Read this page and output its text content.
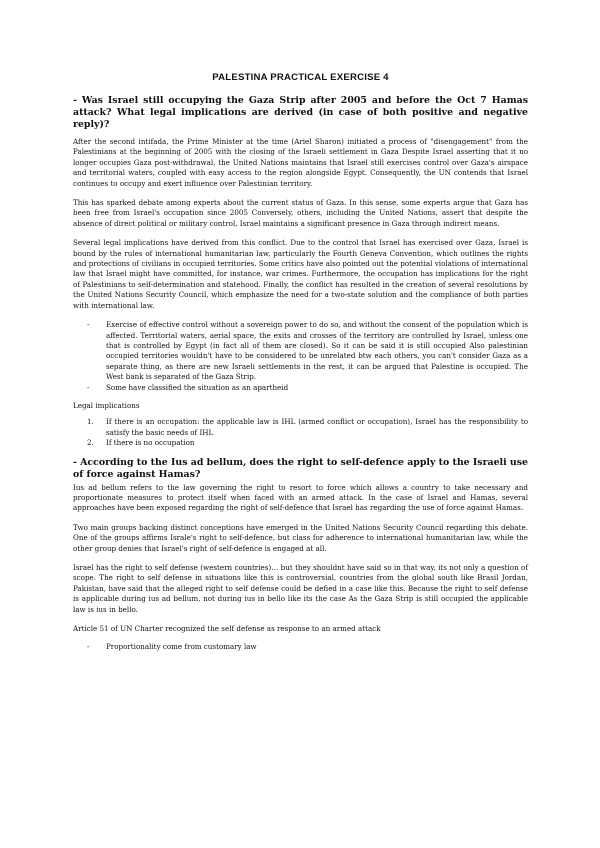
PALESTINA PRACTICAL EXERCISE 4
- Was Israel still occupying the Gaza Strip after 2005 and before the Oct 7 Hamas attack? What legal implications are derived (in case of both positive and negative reply)?

After the second intifada, the Prime Minister at the time (Ariel Sharon) initiated a process of "disengagement" from the Palestinians at the beginning of 2005 with the closing of the Israeli settlement in Gaza Despite Israel asserting that it no longer occupies Gaza post-withdrawal, the United Nations maintains that Israel still exercises control over Gaza's airspace and territorial waters, coupled with easy access to the region alongside Egypt. Consequently, the UN contends that Israel continues to occupy and exert influence over Palestinian territory.

This has sparked debate among experts about the current status of Gaza. In this sense, some experts argue that Gaza has been free from Israel's occupation since 2005 Conversely, others, including the United Nations, assert that despite the absence of direct political or military control, Israel maintains a significant presence in Gaza through indirect means.

Several legal implications have derived from this conflict. Due to the control that Israel has exercised over Gaza, Israel is bound by the rules of international humanitarian law, particularly the Fourth Geneva Convention, which outlines the rights and protections of civilians in occupied territories. Some critics have also pointed out the potential violations of international law that Israel might have committed, for instance, war crimes. Furthermore, the occupation has implications for the right of Palestinians to self-determination and statehood. Finally, the conflict has resulted in the creation of several resolutions by the United Nations Security Council, which emphasize the need for a two-state solution and the compliance of both parties with international law.

-	Exercise of effective control without a sovereign power to do so, and without the consent of the population which is affected. Territorial waters, aerial space, the exits and crosses of the territory are controlled by Israel, unless one that is controlled by Egypt (in fact all of them are closed). So it can be said it is still occupied Also palestinian occupied territories wouldn't have to be considered to be unrelated btw each others, you can't consider Gaza as a separate thing, as there are new Israeli settlements in the rest, it can be argued that Palestine is occupied. The West bank is separated of the Gaza Strip.
-	Some have classified the situation as an apartheid
Legal implications
1.	If there is an occupation: the applicable law is IHL (armed conflict or occupation), Israel has the responsibility to satisfy the basic needs of IHL
2.	If there is no occupation
- According to the Ius ad bellum, does the right to self-defence apply to the Israeli use of force against Hamas?

Ius ad bellum refers to the law governing the right to resort to force which allows a country to take necessary and proportionate measures to protect itself when faced with an armed attack. In the case of Israel and Hamas, several approaches have been exposed regarding the right of self-defence that Israel has regarding the use of force against Hamas.

Two main groups backing distinct conceptions have emerged in the United Nations Security Council regarding this debate. One of the groups affirms Israle's right to self-defence, but class for adherence to international humanitarian law, while the other group denies that Israel's right of self-defence is engaged at all.

Israel has the right to self defense (western countries)… but they shouldnt have said so in that way, its not only a question of scope. The right to self defense in situations like this is controversial, countries from the global south like Brasil Jordan, Pakistan, have said that the alleged right to self defense could be defied in a case like this. Because the right to self defense is applicable during ius ad bellum, not during ius in bello like its the case As the Gaza Strip is still occupied the applicable law is ius in bello.

Article 51 of UN Charter recognized the self defense as response to an armed attack

-	Proportionality come from customary law
